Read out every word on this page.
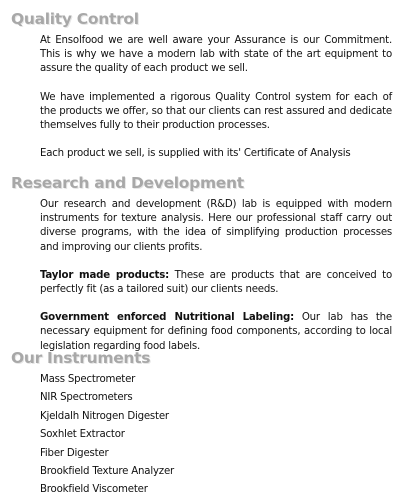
Quality Control

At Ensolfood we are well aware your Assurance is our Commitment. This is why we have a modern lab with state of the art equipment to assure the quality of each product we sell.

We have implemented a rigorous Quality Control system for each of the products we offer, so that our clients can rest assured and dedicate themselves fully to their production processes.

Each product we sell, is supplied with its' Certificate of Analysis

Research and Development

Our research and development (R&D) lab is equipped with modern instruments for texture analysis. Here our professional staff carry out diverse programs, with the idea of simplifying production processes and improving our clients profits.

Taylor made products: These are products that are conceived to perfectly fit (as a tailored suit) our clients needs.

Government enforced Nutritional Labeling: Our lab has the necessary equipment for defining food components, according to local legislation regarding food labels.

Our Instruments
Mass Spectrometer
NIR Spectrometers
Kjeldalh Nitrogen Digester
Soxhlet Extractor
Fiber Digester
Brookfield Texture Analyzer
Brookfield Viscometer
